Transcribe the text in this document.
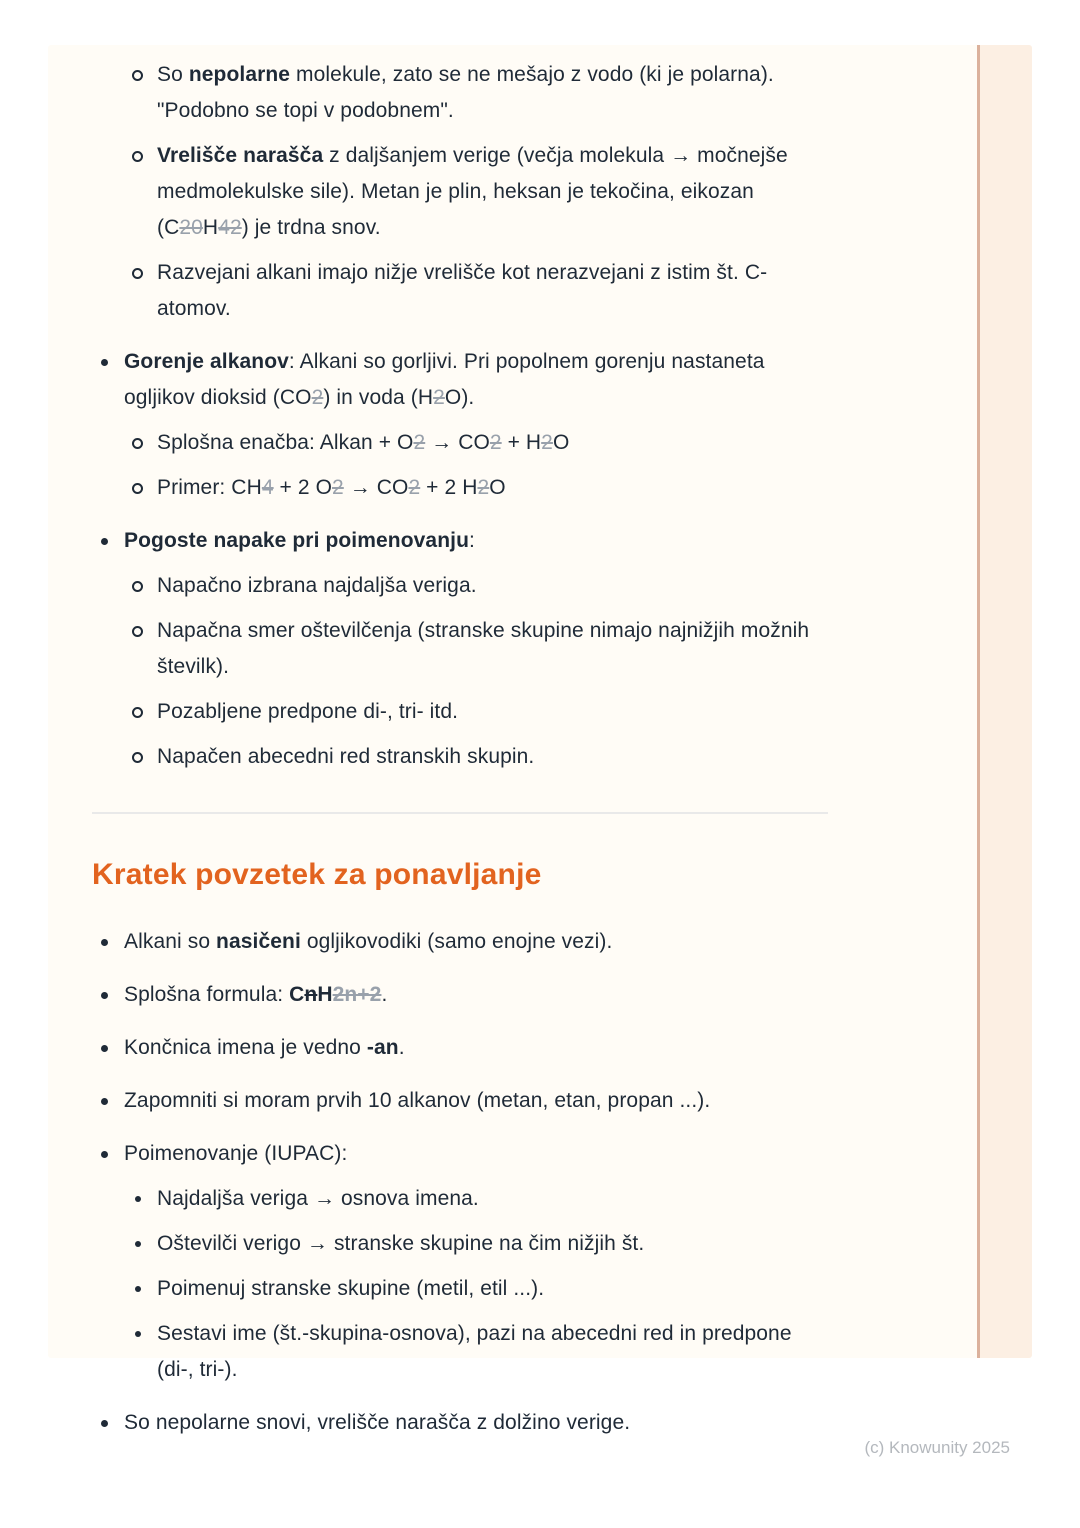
So nepolarne molekule, zato se ne mešajo z vodo (ki je polarna). "Podobno se topi v podobnem".
Vrelišče narašča z daljšanjem verige (večja molekula → močnejše medmolekulske sile). Metan je plin, heksan je tekočina, eikozan (C20H42) je trdna snov.
Razvejani alkani imajo nižje vrelišče kot nerazvejani z istim št. C-atomov.
Gorenje alkanov: Alkani so gorljivi. Pri popolnem gorenju nastaneta ogljikov dioksid (CO2) in voda (H2O).
Splošna enačba: Alkan + O2 → CO2 + H2O
Primer: CH4 + 2 O2 → CO2 + 2 H2O
Pogoste napake pri poimenovanju:
Napačno izbrana najdaljša veriga.
Napačna smer oštevilčenja (stranske skupine nimajo najnižjih možnih številk).
Pozabljene predpone di-, tri- itd.
Napačen abecedni red stranskih skupin.
Kratek povzetek za ponavljanje
Alkani so nasičeni ogljikovodiki (samo enojne vezi).
Splošna formula: CnH2n+2.
Končnica imena je vedno -an.
Zapomniti si moram prvih 10 alkanov (metan, etan, propan ...).
Poimenovanje (IUPAC):
Najdaljša veriga → osnova imena.
Oštevilči verigo → stranske skupine na čim nižjih št.
Poimenuj stranske skupine (metil, etil ...).
Sestavi ime (št.-skupina-osnova), pazi na abecedni red in predpone (di-, tri-).
So nepolarne snovi, vrelišče narašča z dolžino verige.
(c) Knowunity 2025
